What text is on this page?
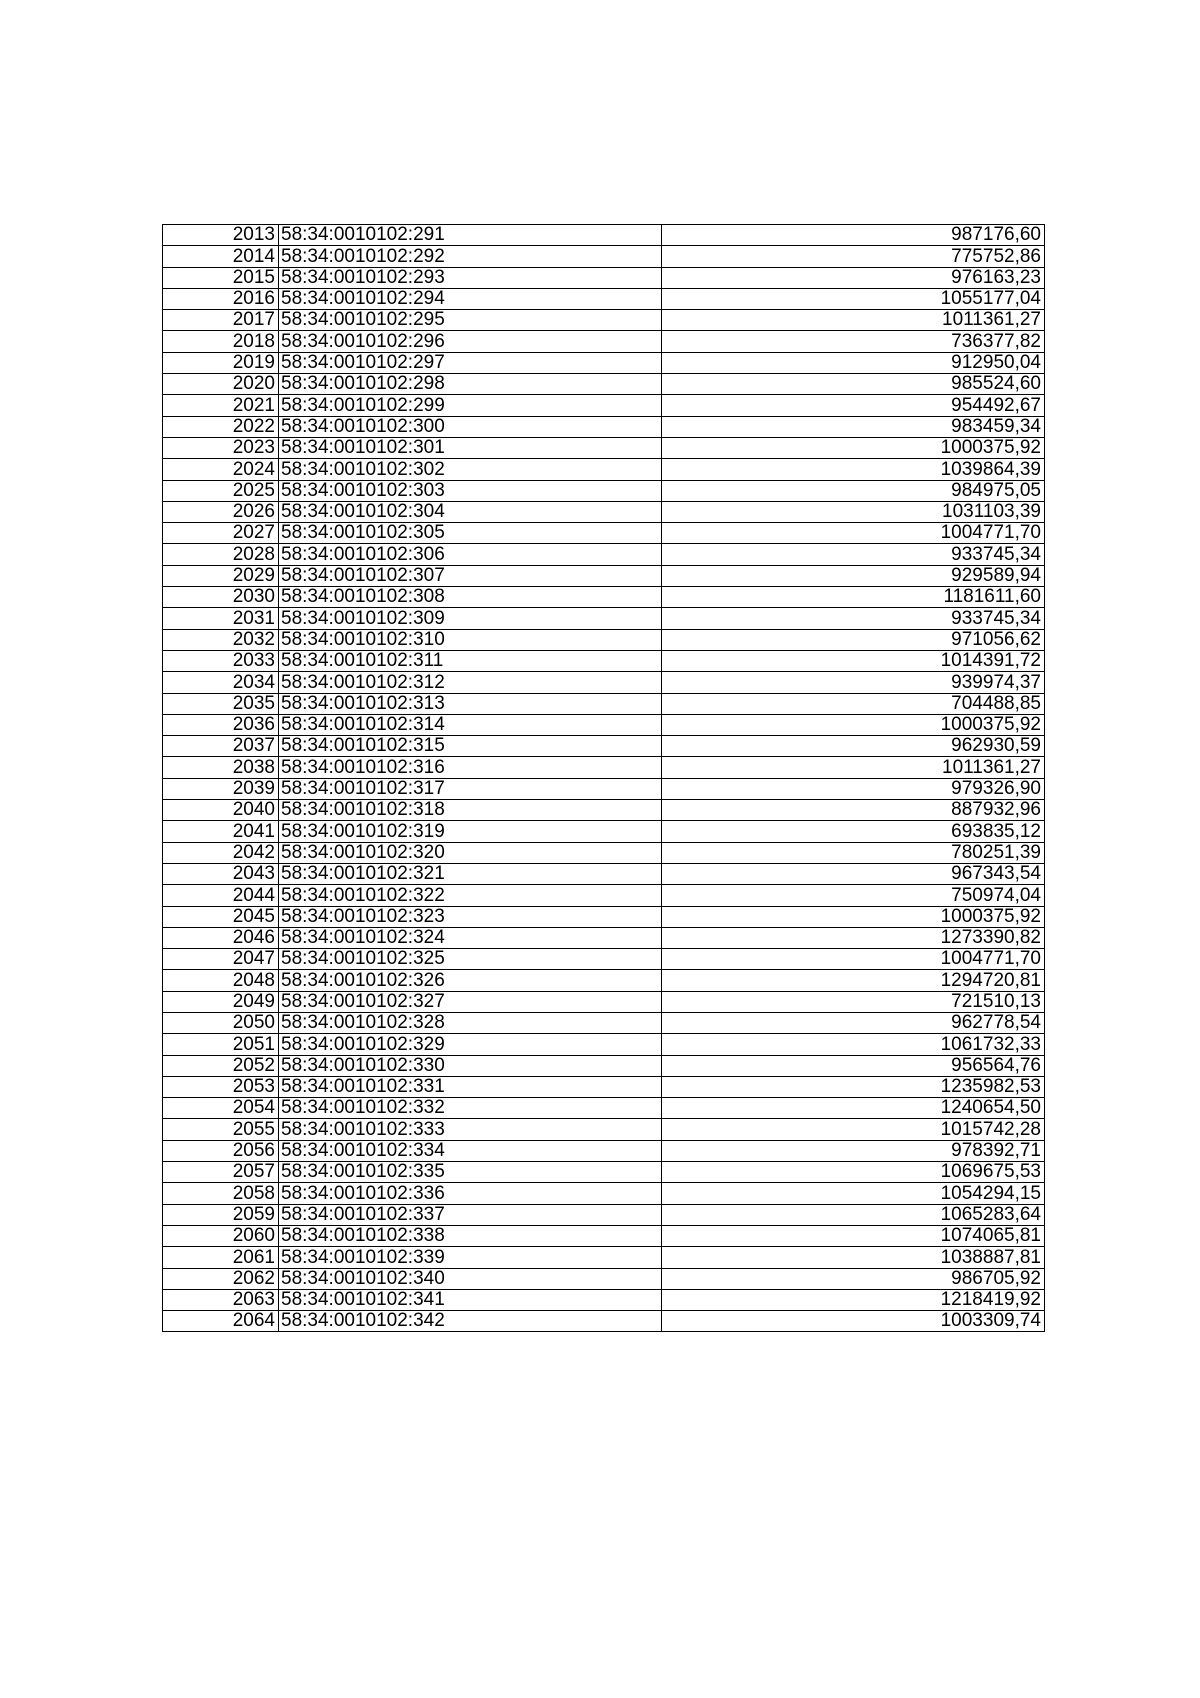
2013	58:34:0010102:291	987176,60
2014	58:34:0010102:292	775752,86
2015	58:34:0010102:293	976163,23
2016	58:34:0010102:294	1055177,04
2017	58:34:0010102:295	1011361,27
2018	58:34:0010102:296	736377,82
2019	58:34:0010102:297	912950,04
2020	58:34:0010102:298	985524,60
2021	58:34:0010102:299	954492,67
2022	58:34:0010102:300	983459,34
2023	58:34:0010102:301	1000375,92
2024	58:34:0010102:302	1039864,39
2025	58:34:0010102:303	984975,05
2026	58:34:0010102:304	1031103,39
2027	58:34:0010102:305	1004771,70
2028	58:34:0010102:306	933745,34
2029	58:34:0010102:307	929589,94
2030	58:34:0010102:308	1181611,60
2031	58:34:0010102:309	933745,34
2032	58:34:0010102:310	971056,62
2033	58:34:0010102:311	1014391,72
2034	58:34:0010102:312	939974,37
2035	58:34:0010102:313	704488,85
2036	58:34:0010102:314	1000375,92
2037	58:34:0010102:315	962930,59
2038	58:34:0010102:316	1011361,27
2039	58:34:0010102:317	979326,90
2040	58:34:0010102:318	887932,96
2041	58:34:0010102:319	693835,12
2042	58:34:0010102:320	780251,39
2043	58:34:0010102:321	967343,54
2044	58:34:0010102:322	750974,04
2045	58:34:0010102:323	1000375,92
2046	58:34:0010102:324	1273390,82
2047	58:34:0010102:325	1004771,70
2048	58:34:0010102:326	1294720,81
2049	58:34:0010102:327	721510,13
2050	58:34:0010102:328	962778,54
2051	58:34:0010102:329	1061732,33
2052	58:34:0010102:330	956564,76
2053	58:34:0010102:331	1235982,53
2054	58:34:0010102:332	1240654,50
2055	58:34:0010102:333	1015742,28
2056	58:34:0010102:334	978392,71
2057	58:34:0010102:335	1069675,53
2058	58:34:0010102:336	1054294,15
2059	58:34:0010102:337	1065283,64
2060	58:34:0010102:338	1074065,81
2061	58:34:0010102:339	1038887,81
2062	58:34:0010102:340	986705,92
2063	58:34:0010102:341	1218419,92
2064	58:34:0010102:342	1003309,74
